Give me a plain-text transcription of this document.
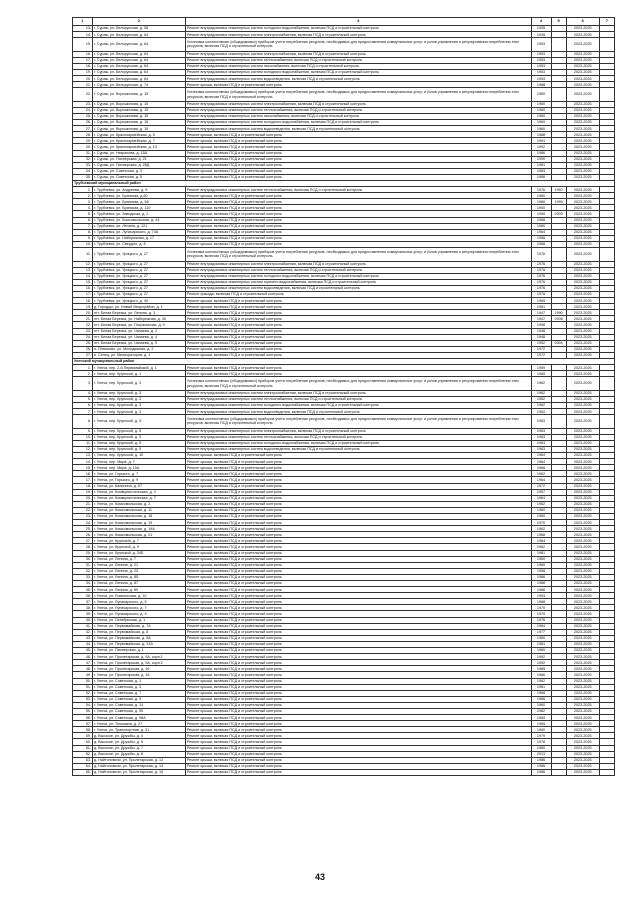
1	2	3	4	5	6	7
13.	г. Сураж, ул. Белорусская, д. 58	Ремонт внутридомовых инженерных систем холодного водоснабжения, включая ПСД и строительный контроль	1935		2023-2025	
14.	г. Сураж, ул. Белорусская, д. 64	Ремонт внутридомовых инженерных систем электроснабжения, включая ПСД и строительный контроль	1935		2023-2025	
15.	г. Сураж, ул. Белорусская, д. 64	Установка коллективных (общедомовых) приборов учета потребления ресурсов, необходимых для предоставления коммунальных услуг, и узлов управления и регулирования потребления этих ресурсов, включая ПСД и строительный контроль	1953		2023-2025	
16.	г. Сураж, ул. Белорусская, д. 64	Ремонт внутридомовых инженерных систем электроснабжения, включая ПСД и строительный контроль	1953		2023-2025	
17.	г. Сураж, ул. Белорусская, д. 64	Ремонт внутридомовых инженерных систем теплоснабжения, включая ПСД и строительный контроль	1953		2023-2025	
18.	г. Сураж, ул. Белорусская, д. 64	Ремонт внутридомовых инженерных систем газоснабжения, включая ПСД и строительный контроль	1953		2023-2025	
19.	г. Сураж, ул. Белорусская, д. 64	Ремонт внутридомовых инженерных систем холодного водоснабжения, включая ПСД и строительный контроль	1953		2023-2025	
20.	г. Сураж, ул. Белорусская, д. 64	Ремонт внутридомовых инженерных систем водоотведения, включая ПСД и строительный контроль	1953		2023-2025	
21.	г. Сураж, ул. Белорусская, д. 74	Ремонт крыши, включая ПСД и строительный контроль	1988		2023-2025	
22.	г. Сураж, ул. Ворошилова, д. 15	Установка коллективных (общедомовых) приборов учета потребления ресурсов, необходимых для предоставления коммунальных услуг, и узлов управления и регулирования потребления этих ресурсов, включая ПСД и строительный контроль	1960		2023-2025	
23.	г. Сураж, ул. Ворошилова, д. 15	Ремонт внутридомовых инженерных систем электроснабжения, включая ПСД и строительный контроль	1960		2023-2025	
24.	г. Сураж, ул. Ворошилова, д. 15	Ремонт внутридомовых инженерных систем теплоснабжения, включая ПСД и строительный контроль	1960		2023-2025	
25.	г. Сураж, ул. Ворошилова, д. 15	Ремонт внутридомовых инженерных систем газоснабжения, включая ПСД и строительный контроль	1960		2023-2025	
26.	г. Сураж, ул. Ворошилова, д. 15	Ремонт внутридомовых инженерных систем холодного водоснабжения, включая ПСД и строительный контроль	1960		2023-2025	
27.	г. Сураж, ул. Ворошилова, д. 15	Ремонт внутридомовых инженерных систем водоотведения, включая ПСД и строительный контроль	1960		2023-2025	
28.	г. Сураж, ул. Красноармейская, д. 5	Ремонт крыши, включая ПСД и строительный контроль	1988		2023-2025	
29.	г. Сураж, ул. Красноармейская, д. 7	Ремонт крыши, включая ПСД и строительный контроль	1991		2023-2025	
30.	г. Сураж, ул. Красноармейская, д. 13	Ремонт крыши, включая ПСД и строительный контроль	1992		2023-2025	
31.	г. Сураж, ул. Некрасова, д. 15А	Ремонт крыши, включая ПСД и строительный контроль	1986		2023-2025	
32.	г. Сураж, ул. Пионерская, д. 21	Ремонт крыши, включая ПСД и строительный контроль	1990		2023-2025	
33.	г. Сураж, ул. Пионерская, д. 26Д	Ремонт крыши, включая ПСД и строительный контроль	1981		2023-2025	
34.	г. Сураж, ул. Советская, д. 3	Ремонт крыши, включая ПСД и строительный контроль	1983		2023-2025	
35.	г. Сураж, ул. Советская, д. 5	Ремонт крыши, включая ПСД и строительный контроль	1986		2023-2025	
Трубчевский муниципальный район						
1.	г. Трубчевск, ул. Андреева, д. 9	Ремонт внутридомовых инженерных систем теплоснабжения, включая ПСД и строительный контроль	1976	1992	2023-2025	
2.	г. Трубчевск, ул. Брянская, д.60	Ремонт крыши, включая ПСД и строительный контроль	1980		2023-2025	
3.	г. Трубчевск, ул. Брянская, д. 56	Ремонт крыши, включая ПСД и строительный контроль	1980	1999	2023-2025	
4.	г. Трубчевск, ул. Брянская, д. 110	Ремонт крыши, включая ПСД и строительный контроль	1900		2023-2025	
5.	г. Трубчевск, ул. Заводская, д. 2	Ремонт крыши, включая ПСД и строительный контроль	1990	2009	2023-2025	
6.	г. Трубчевск, ул. Комсомольская, д. 44	Ремонт крыши, включая ПСД и строительный контроль	1968		2023-2025	
7.	г. Трубчевск, ул. Ленина, д. 121	Ремонт крыши, включая ПСД и строительный контроль	1980		2023-2025	
8.	г. Трубчевск, ул. Луначарского, д. 74А	Ремонт крыши, включая ПСД и строительный контроль	1964		2023-2025	
9.	г. Трубчевск, ул. Набережная, д. 17	Ремонт крыши, включая ПСД и строительный контроль	1958		2023-2025	
10.	г. Трубчевск, ул. Свердло, д. 8	Ремонт крыши, включая ПСД и строительный контроль	1968		2023-2025	
11.	г. Трубчевск, ул. Урицкого, д. 27	Установка коллективных (общедомовых) приборов учета потребления ресурсов, необходимых для предоставления коммунальных услуг, и узлов управления и регулирования потребления этих ресурсов, включая ПСД и строительный контроль	1976		2023-2025	
12.	г. Трубчевск, ул. Урицкого, д. 27	Ремонт внутридомовых инженерных систем электроснабжения, включая ПСД и строительный контроль	1976		2023-2025	
13.	г. Трубчевск, ул. Урицкого, д. 27	Ремонт внутридомовых инженерных систем теплоснабжения, включая ПСД и строительный контроль	1976		2023-2025	
14.	г. Трубчевск, ул. Урицкого, д. 27	Ремонт внутридомовых инженерных систем холодного водоснабжения, включая ПСД и строительный контроль	1976		2023-2025	
15.	г. Трубчевск, ул. Урицкого, д. 27	Ремонт внутридомовых инженерных систем горячего водоснабжения, включая ПСД и строительный контроль	1976		2023-2025	
16.	г. Трубчевск, ул. Урицкого, д. 27	Ремонт внутридомовых инженерных систем водоотведения, включая ПСД и строительный контроль	1976		2023-2025	
17.	г. Трубчевск, ул. Урицкого, д. 27	Ремонт фасада, включая ПСД и строительный контроль	1976		2023-2025	
18.	г. Трубчевск, ул. Урицкого, д. 49	Ремонт крыши, включая ПСД и строительный контроль	1960		2023-2025	
19.	д. Городцы, ул. Новый Микрорайон, д. 1	Ремонт крыши, включая ПСД и строительный контроль	1981		2023-2025	
20.	пгт. Белая Березка, ул. Ленина, д. 3	Ремонт крыши, включая ПСД и строительный контроль	1947	1990	2023-2025	
21.	пгт. Белая Березка, ул. Набережная, д. 30	Ремонт крыши, включая ПСД и строительный контроль	1947	2006	2023-2025	
22.	пгт. Белая Березка, ул. Пограничная, д. 9	Ремонт крыши, включая ПСД и строительный контроль	1958		2023-2025	
23.	пгт. Белая Березка, ул. Чапаева, д. 2	Ремонт крыши, включая ПСД и строительный контроль	1948		2023-2025	
24.	пгт. Белая Березка, ул. Чапаева, д. 4	Ремонт крыши, включая ПСД и строительный контроль	1948		2023-2025	
25.	пгт. Белая Березка, ул. Чапаева, д. 9	Ремонт крыши, включая ПСД и строительный контроль	1952	2004	2023-2025	
26.	п. Плюсково, ул. Молодежная, д. 2	Ремонт крыши, включая ПСД и строительный контроль	1972		2023-2025	
27.	п. Селец, ул. Мелиораторов, д. 1	Ремонт крыши, включая ПСД и строительный контроль	1972		2023-2025	
Унечский муниципальный район						
1.	г. Унеча, пер. 2-й Первомайский, д. 1	Ремонт крыши, включая ПСД и строительный контроль	1959		2023-2025	
2.	г. Унеча, пер. Крупской, д. 1	Ремонт крыши, включая ПСД и строительный контроль	1965		2023-2025	
3.	г. Унеча, пер. Крупской, д. 3	Установка коллективных (общедомовых) приборов учета потребления ресурсов, необходимых для предоставления коммунальных услуг, и узлов управления и регулирования потребления этих ресурсов, включая ПСД и строительный контроль	1962		2023-2025	
4.	г. Унеча, пер. Крупской, д. 3	Ремонт внутридомовых инженерных систем электроснабжения, включая ПСД и строительный контроль	1962		2023-2025	
5.	г. Унеча, пер. Крупской, д. 3	Ремонт внутридомовых инженерных систем теплоснабжения, включая ПСД и строительный контроль	1962		2023-2025	
6.	г. Унеча, пер. Крупской, д. 3	Ремонт внутридомовых инженерных систем холодного водоснабжения, включая ПСД и строительный контроль	1962		2023-2025	
7.	г. Унеча, пер. Крупской, д. 3	Ремонт внутридомовых инженерных систем водоотведения, включая ПСД и строительный контроль	1962		2023-2025	
8.	г. Унеча, пер. Крупской, д. 5	Установка коллективных (общедомовых) приборов учета потребления ресурсов, необходимых для предоставления коммунальных услуг, и узлов управления и регулирования потребления этих ресурсов, включая ПСД и строительный контроль	1963		2023-2025	
9.	г. Унеча, пер. Крупской, д. 5	Ремонт внутридомовых инженерных систем электроснабжения, включая ПСД и строительный контроль	1963		2023-2025	
10.	г. Унеча, пер. Крупской, д. 5	Ремонт внутридомовых инженерных систем теплоснабжения, включая ПСД и строительный контроль	1963		2023-2025	
11.	г. Унеча, пер. Крупской, д. 5	Ремонт внутридомовых инженерных систем холодного водоснабжения, включая ПСД и строительный контроль	1963		2023-2025	
12.	г. Унеча, пер. Крупской, д. 5	Ремонт внутридомовых инженерных систем водоотведения, включая ПСД и строительный контроль	1963		2023-2025	
13.	г. Унеча, пер. Крупской, д. 10	Ремонт крыши, включая ПСД и строительный контроль	1964		2023-2025	
14.	г. Унеча, пер. Мира, д. 7	Ремонт крыши, включая ПСД и строительный контроль	1964		2023-2025	
15.	г. Унеча, пер. Мира, д. 10А	Ремонт крыши, включая ПСД и строительный контроль	1968		2023-2025	
16.	г. Унеча, ул. Горького, д. 7	Ремонт крыши, включая ПСД и строительный контроль	1962		2023-2025	
17.	г. Унеча, ул. Горького, д. 9	Ремонт крыши, включая ПСД и строительный контроль	1964		2023-2025	
18.	г. Унеча, ул. Калинина, д. 57	Ремонт крыши, включая ПСД и строительный контроль	1972		2023-2025	
19.	г. Унеча, ул. Коммунистическая, д. 4	Ремонт крыши, включая ПСД и строительный контроль	1957		2023-2025	
20.	г. Унеча, ул. Коммунистическая, д. 7	Ремонт крыши, включая ПСД и строительный контроль	1964		2023-2025	
21.	г. Унеча, ул. Комсомольская, д. 2	Ремонт крыши, включая ПСД и строительный контроль	1962		2023-2025	
22.	г. Унеча, ул. Комсомольская, д. 11	Ремонт крыши, включая ПСД и строительный контроль	1960		2023-2025	
23.	г. Унеча, ул. Комсомольская, д. 18	Ремонт крыши, включая ПСД и строительный контроль	1960		2023-2025	
24.	г. Унеча, ул. Комсомольская, д. 19	Ремонт крыши, включая ПСД и строительный контроль	1970		2023-2025	
25.	г. Унеча, ул. Комсомольская, д. 19А	Ремонт крыши, включая ПСД и строительный контроль	1962		2023-2025	
26.	г. Унеча, ул. Комсомольская, д. 21	Ремонт крыши, включая ПСД и строительный контроль	1968		2023-2025	
27.	г. Унеча, ул. Крупской, д. 7	Ремонт крыши, включая ПСД и строительный контроль	1964		2023-2025	
28.	г. Унеча, ул. Крупской, д. 9	Ремонт крыши, включая ПСД и строительный контроль	1962		2023-2025	
29.	г. Унеча, ул. Крупской, д. 34Б	Ремонт крыши, включая ПСД и строительный контроль	1981		2023-2025	
30.	г. Унеча, ул. Ленина, д. 7	Ремонт крыши, включая ПСД и строительный контроль	1960		2023-2025	
31.	г. Унеча, ул. Ленина, д. 21	Ремонт крыши, включая ПСД и строительный контроль	1960		2023-2025	
32.	г. Унеча, ул. Ленина, д. 23	Ремонт крыши, включая ПСД и строительный контроль	1958		2023-2025	
33.	г. Унеча, ул. Ленина, д. 85	Ремонт крыши, включая ПСД и строительный контроль	1986		2023-2025	
34.	г. Унеча, ул. Ленина, д. 87	Ремонт крыши, включая ПСД и строительный контроль	1988		2023-2025	
35.	г. Унеча, ул. Ленина, д. 89	Ремонт крыши, включая ПСД и строительный контроль	1986		2023-2025	
36.	г. Унеча, ул. Ломоносова, д. 10	Ремонт крыши, включая ПСД и строительный контроль	1993		2023-2025	
37.	г. Унеча, ул. Луначарского, д. 5	Ремонт крыши, включая ПСД и строительный контроль	1968		2023-2025	
38.	г. Унеча, ул. Луначарского, д. 7	Ремонт крыши, включая ПСД и строительный контроль	1970		2023-2025	
39.	г. Унеча, ул. Луначарского, д. 9	Ремонт крыши, включая ПСД и строительный контроль	1970		2023-2025	
40.	г. Унеча, ул. Октябрьская, д. 1	Ремонт крыши, включая ПСД и строительный контроль	1976		2023-2025	
41.	г. Унеча, ул. Первомайская, д. 7А	Ремонт крыши, включая ПСД и строительный контроль	1984		2023-2025	
42.	г. Унеча, ул. Первомайская, д. 8	Ремонт крыши, включая ПСД и строительный контроль	1977		2023-2025	
43.	г. Унеча, ул. Первомайская, д. 9А	Ремонт крыши, включая ПСД и строительный контроль	1980		2023-2025	
44.	г. Унеча, ул. Первомайская, д. 13А	Ремонт крыши, включая ПСД и строительный контроль	1981		2023-2025	
45.	г. Унеча, ул. Пионерская, д. 1	Ремонт крыши, включая ПСД и строительный контроль	1960		2023-2025	
46.	г. Унеча, ул. Пролетарская, д. 5А, корп.1	Ремонт крыши, включая ПСД и строительный контроль	1992		2023-2025	
47.	г. Унеча, ул. Пролетарская, д. 5А, корп.2	Ремонт крыши, включая ПСД и строительный контроль	1992		2023-2025	
48.	г. Унеча, ул. Пролетарская, д. 16	Ремонт крыши, включая ПСД и строительный контроль	1985		2023-2025	
49.	г. Унеча, ул. Пролетарская, д. 18	Ремонт крыши, включая ПСД и строительный контроль	1986		2023-2025	
50.	г. Унеча, ул. Советская, д. 1	Ремонт крыши, включая ПСД и строительный контроль	1962		2023-2025	
51.	г. Унеча, ул. Советская, д. 3	Ремонт крыши, включая ПСД и строительный контроль	1981		2023-2025	
52.	г. Унеча, ул. Советская, д. 7	Ремонт крыши, включая ПСД и строительный контроль	1968		2023-2025	
53.	г. Унеча, ул. Советская, д. 9	Ремонт крыши, включая ПСД и строительный контроль	1966		2023-2025	
54.	г. Унеча, ул. Советская, д. 14	Ремонт крыши, включая ПСД и строительный контроль	1960		2023-2025	
55.	г. Унеча, ул. Советская, д. 95	Ремонт крыши, включая ПСД и строительный контроль	1982		2023-2025	
56.	г. Унеча, ул. Советская, д. 98А	Ремонт крыши, включая ПСД и строительный контроль	1983		2023-2025	
57.	г. Унеча, ул. Тельмана, д. 27	Ремонт крыши, включая ПСД и строительный контроль	1965		2023-2025	
58.	г. Унеча, ул. Транспортная, д. 31	Ремонт крыши, включая ПСД и строительный контроль	1960		2023-2025	
59.	д. Высокое, ул. Дружбы, д. 4	Ремонт крыши, включая ПСД и строительный контроль	1979		2023-2025	
60.	д. Высокое, ул. Дружбы, д. 5	Ремонт крыши, включая ПСД и строительный контроль	1978		2023-2025	
61.	д. Высокое, ул. Дружбы, д. 7	Ремонт крыши, включая ПСД и строительный контроль	1980		2023-2025	
62.	д. Высокое, ул. Дружбы, д. 8	Ремонт крыши, включая ПСД и строительный контроль	2013		2023-2025	
63.	д. Найтоповичи, ул. Пролетарская, д. 12	Ремонт крыши, включая ПСД и строительный контроль	1986		2023-2025	
64.	д. Найтоповичи, ул. Пролетарская, д. 14	Ремонт крыши, включая ПСД и строительный контроль	1986		2023-2025	
65.	д. Найтоповичи, ул. Пролетарская, д. 16	Ремонт крыши, включая ПСД и строительный контроль	1986		2023-2025	
43
